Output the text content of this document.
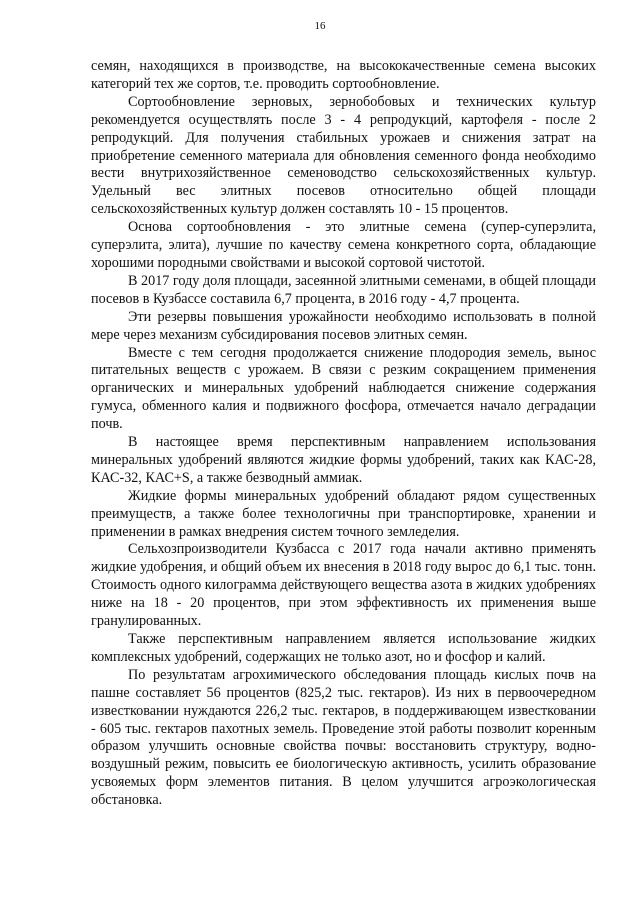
16

семян, находящихся в производстве, на высококачественные семена высоких категорий тех же сортов, т.е. проводить сортообновление.

Сортообновление зерновых, зернобобовых и технических культур рекомендуется осуществлять после 3 - 4 репродукций, картофеля - после 2 репродукций. Для получения стабильных урожаев и снижения затрат на приобретение семенного материала для обновления семенного фонда необходимо вести внутрихозяйственное семеноводство сельскохозяйственных культур. Удельный вес элитных посевов относительно общей площади сельскохозяйственных культур должен составлять 10 - 15 процентов.

Основа сортообновления - это элитные семена (супер-суперэлита, суперэлита, элита), лучшие по качеству семена конкретного сорта, обладающие хорошими породными свойствами и высокой сортовой чистотой.

В 2017 году доля площади, засеянной элитными семенами, в общей площади посевов в Кузбассе составила 6,7 процента, в 2016 году - 4,7 процента.

Эти резервы повышения урожайности необходимо использовать в полной мере через механизм субсидирования посевов элитных семян.

Вместе с тем сегодня продолжается снижение плодородия земель, вынос питательных веществ с урожаем. В связи с резким сокращением применения органических и минеральных удобрений наблюдается снижение содержания гумуса, обменного калия и подвижного фосфора, отмечается начало деградации почв.

В настоящее время перспективным направлением использования минеральных удобрений являются жидкие формы удобрений, таких как КАС-28, КАС-32, КАС+S, а также безводный аммиак.

Жидкие формы минеральных удобрений обладают рядом существенных преимуществ, а также более технологичны при транспортировке, хранении и применении в рамках внедрения систем точного земледелия.

Сельхозпроизводители Кузбасса с 2017 года начали активно применять жидкие удобрения, и общий объем их внесения в 2018 году вырос до 6,1 тыс. тонн. Стоимость одного килограмма действующего вещества азота в жидких удобрениях ниже на 18 - 20 процентов, при этом эффективность их применения выше гранулированных.

Также перспективным направлением является использование жидких комплексных удобрений, содержащих не только азот, но и фосфор и калий.

По результатам агрохимического обследования площадь кислых почв на пашне составляет 56 процентов (825,2 тыс. гектаров). Из них в первоочередном известковании нуждаются 226,2 тыс. гектаров, в поддерживающем известковании - 605 тыс. гектаров пахотных земель. Проведение этой работы позволит коренным образом улучшить основные свойства почвы: восстановить структуру, водно-воздушный режим, повысить ее биологическую активность, усилить образование усвояемых форм элементов питания. В целом улучшится агроэкологическая обстановка.
